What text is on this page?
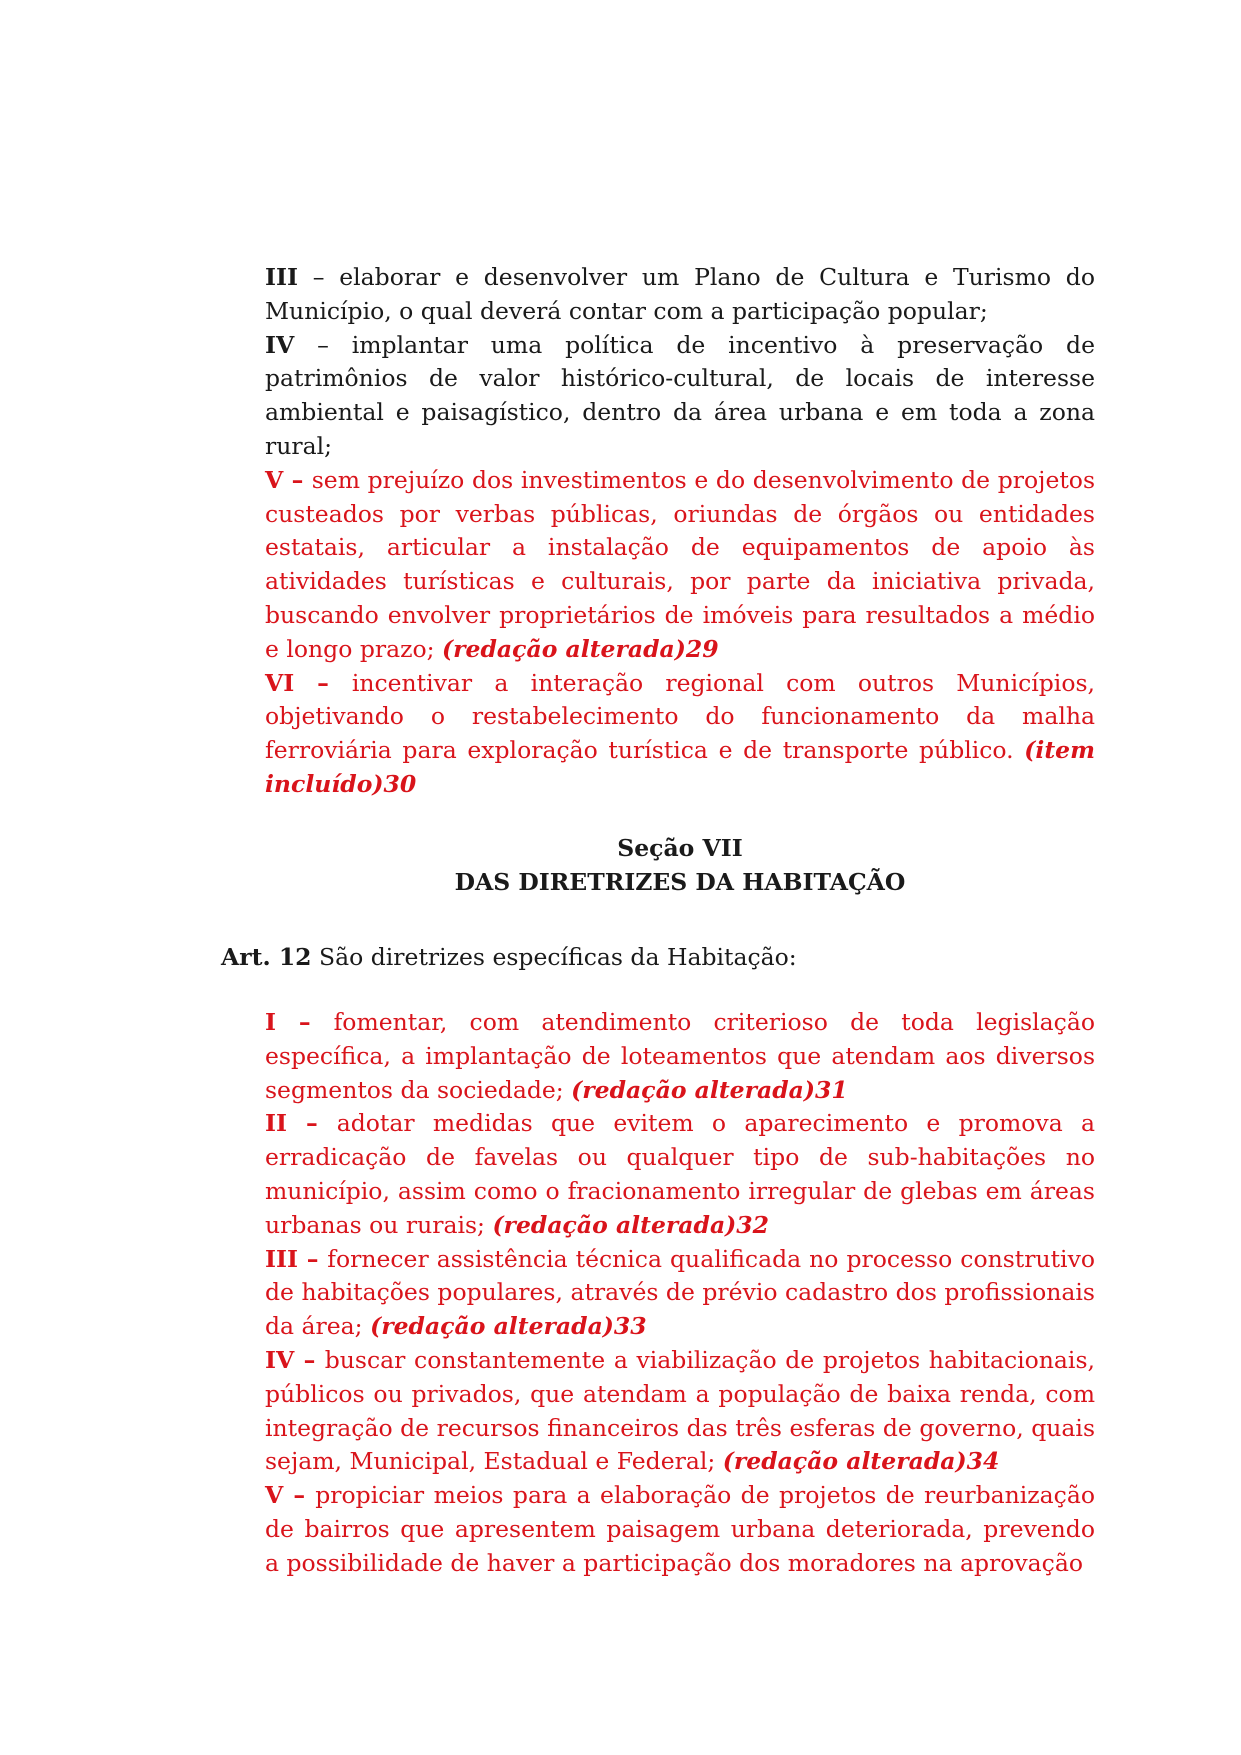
III – elaborar e desenvolver um Plano de Cultura e Turismo do Município, o qual deverá contar com a participação popular;

IV – implantar uma política de incentivo à preservação de patrimônios de valor histórico-cultural, de locais de interesse ambiental e paisagístico, dentro da área urbana e em toda a zona rural;

V – sem prejuízo dos investimentos e do desenvolvimento de projetos custeados por verbas públicas, oriundas de órgãos ou entidades estatais, articular a instalação de equipamentos de apoio às atividades turísticas e culturais, por parte da iniciativa privada, buscando envolver proprietários de imóveis para resultados a médio e longo prazo; (redação alterada)29

VI – incentivar a interação regional com outros Municípios, objetivando o restabelecimento do funcionamento da malha ferroviária para exploração turística e de transporte público. (item incluído)30

Seção VII
DAS DIRETRIZES DA HABITAÇÃO
Art. 12 São diretrizes específicas da Habitação:

I – fomentar, com atendimento criterioso de toda legislação específica, a implantação de loteamentos que atendam aos diversos segmentos da sociedade; (redação alterada)31

II – adotar medidas que evitem o aparecimento e promova a erradicação de favelas ou qualquer tipo de sub-habitações no município, assim como o fracionamento irregular de glebas em áreas urbanas ou rurais; (redação alterada)32

III – fornecer assistência técnica qualificada no processo construtivo de habitações populares, através de prévio cadastro dos profissionais da área; (redação alterada)33

IV – buscar constantemente a viabilização de projetos habitacionais, públicos ou privados, que atendam a população de baixa renda, com integração de recursos financeiros das três esferas de governo, quais sejam, Municipal, Estadual e Federal; (redação alterada)34

V – propiciar meios para a elaboração de projetos de reurbanização de bairros que apresentem paisagem urbana deteriorada, prevendo a possibilidade de haver a participação dos moradores na aprovação
